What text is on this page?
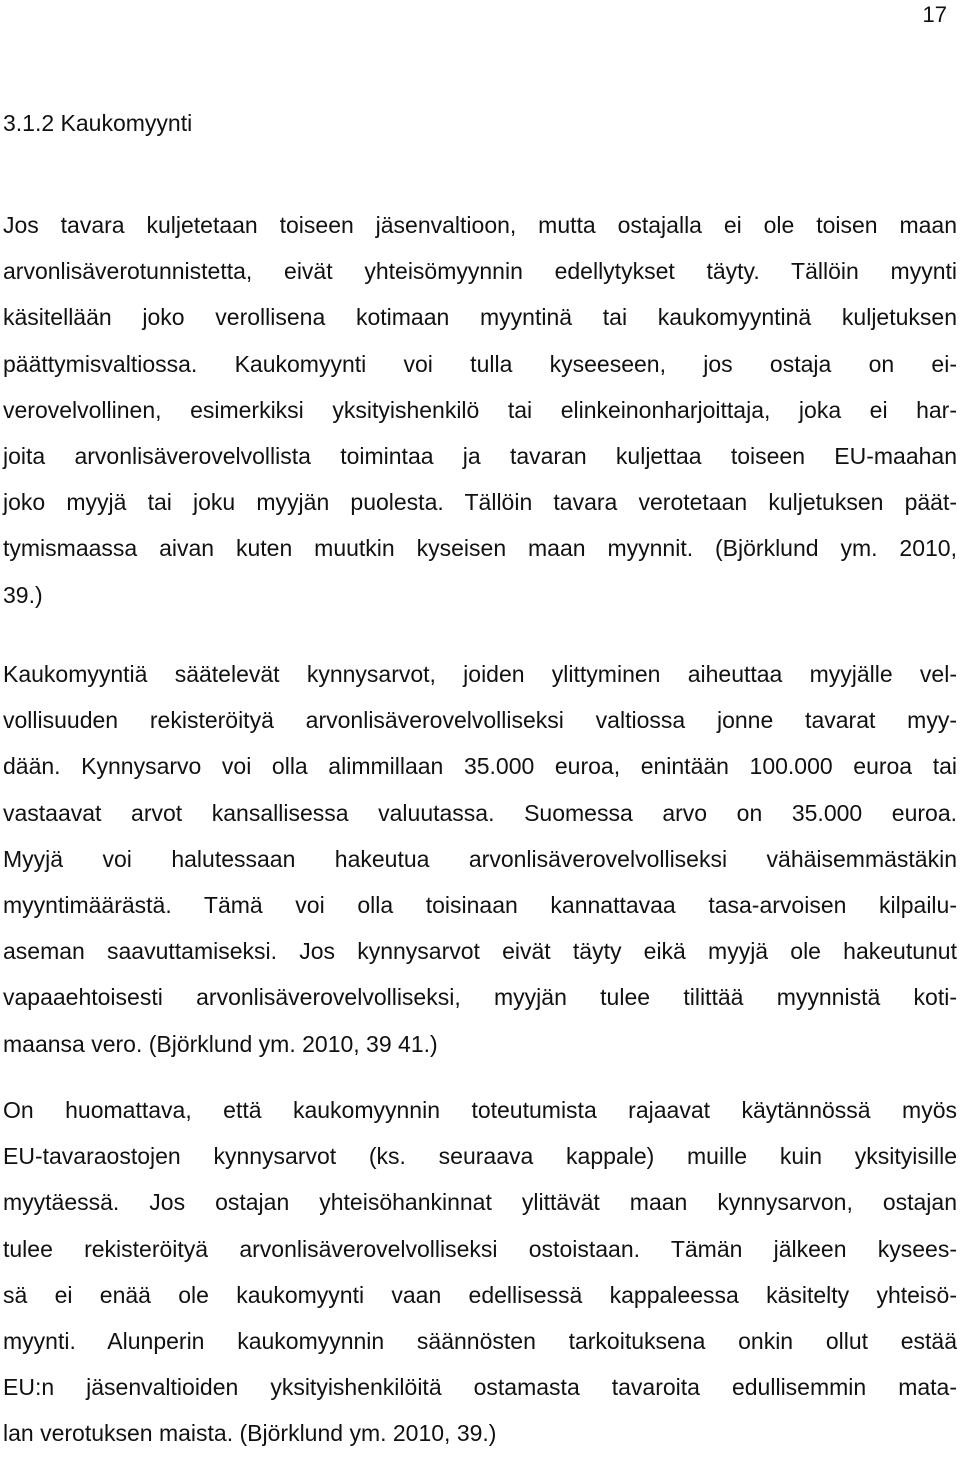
17
3.1.2 Kaukomyynti
Jos tavara kuljetetaan toiseen jäsenvaltioon, mutta ostajalla ei ole toisen maan
arvonlisäverotunnistetta, eivät yhteisömyynnin edellytykset täyty. Tällöin myynti
käsitellään joko verollisena kotimaan myyntinä tai kaukomyyntinä kuljetuksen
päättymisvaltiossa. Kaukomyynti voi tulla kyseeseen, jos ostaja on ei-
verovelvollinen, esimerkiksi yksityishenkilö tai elinkeinonharjoittaja, joka ei har-
joita arvonlisäverovelvollista toimintaa ja tavaran kuljettaa toiseen EU-maahan
joko myyjä tai joku myyjän puolesta. Tällöin tavara verotetaan kuljetuksen päät-
tymismaassa aivan kuten muutkin kyseisen maan myynnit. (Björklund ym. 2010,
39.)
Kaukomyyntiä säätelevät kynnysarvot, joiden ylittyminen aiheuttaa myyjälle vel-
vollisuuden rekisteröityä arvonlisäverovelvolliseksi valtiossa jonne tavarat myy-
dään. Kynnysarvo voi olla alimmillaan 35.000 euroa, enintään 100.000 euroa tai
vastaavat arvot kansallisessa valuutassa. Suomessa arvo on 35.000 euroa.
Myyjä voi halutessaan hakeutua arvonlisäverovelvolliseksi vähäisemmästäkin
myyntimäärästä. Tämä voi olla toisinaan kannattavaa tasa-arvoisen kilpailu-
aseman saavuttamiseksi. Jos kynnysarvot eivät täyty eikä myyjä ole hakeutunut
vapaaehtoisesti arvonlisäverovelvolliseksi, myyjän tulee tilittää myynnistä koti-
maansa vero. (Björklund ym. 2010, 39 41.)
On huomattava, että kaukomyynnin toteutumista rajaavat käytännössä myös
EU-tavaraostojen kynnysarvot (ks. seuraava kappale) muille kuin yksityisille
myytäessä. Jos ostajan yhteisöhankinnat ylittävät maan kynnysarvon, ostajan
tulee rekisteröityä arvonlisäverovelvolliseksi ostoistaan. Tämän jälkeen kysees-
sä ei enää ole kaukomyynti vaan edellisessä kappaleessa käsitelty yhteisö-
myynti. Alunperin kaukomyynnin säännösten tarkoituksena onkin ollut estää
EU:n jäsenvaltioiden yksityishenkilöitä ostamasta tavaroita edullisemmin mata-
lan verotuksen maista. (Björklund ym. 2010, 39.)
